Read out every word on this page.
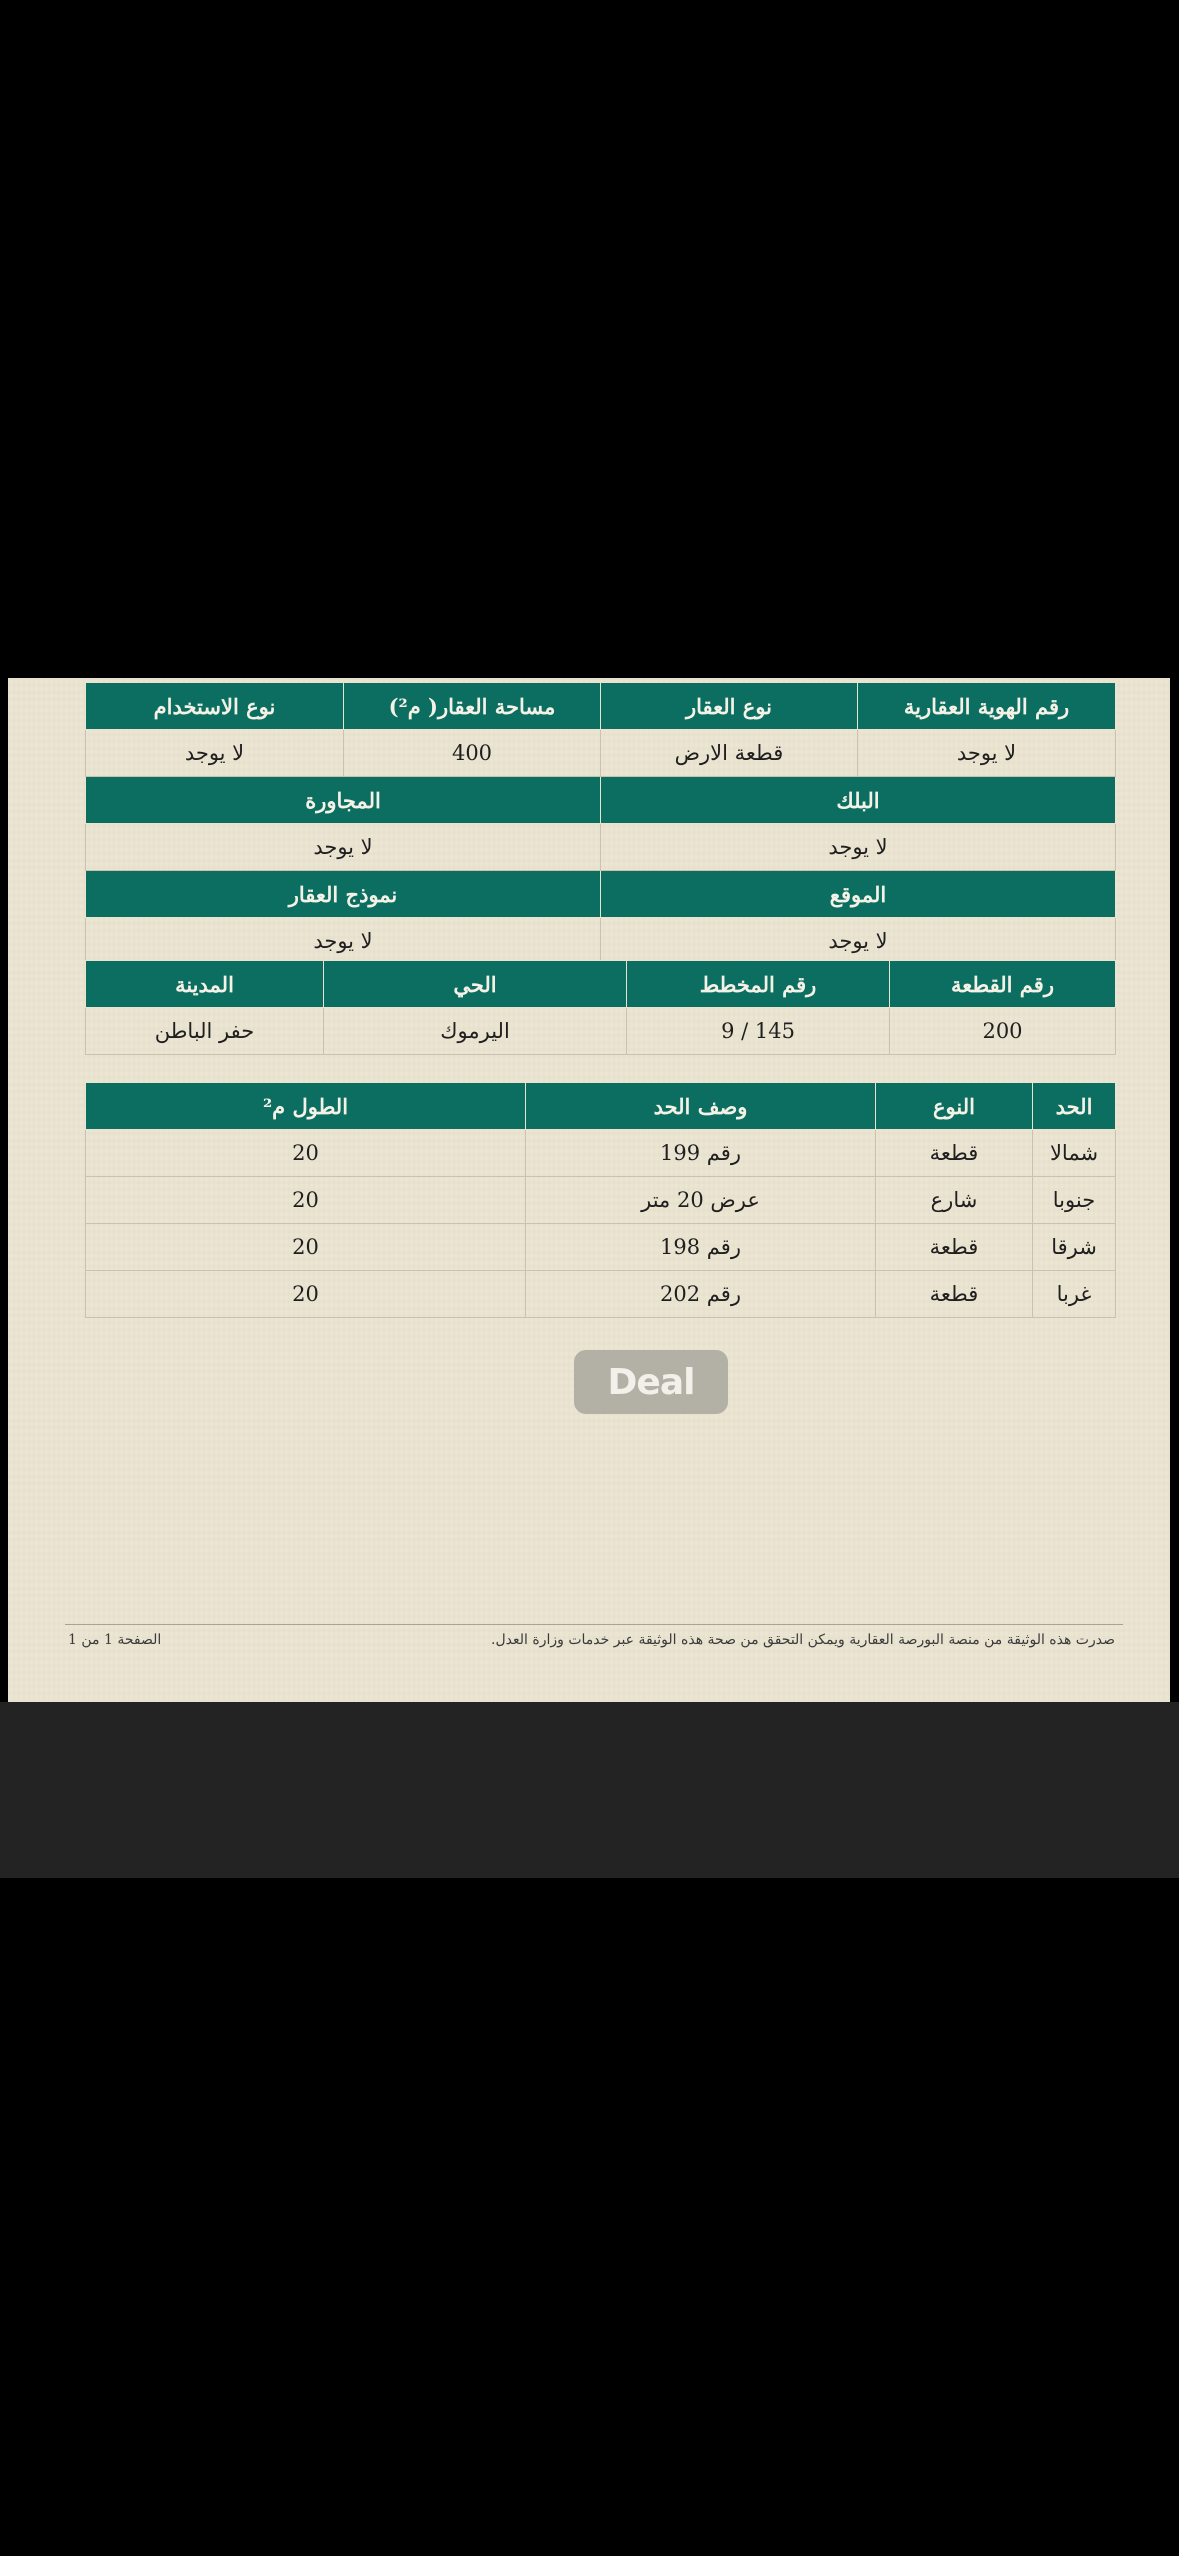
رقم الهوية العقارية	نوع العقار	مساحة العقار( م²)	نوع الاستخدام
لا يوجد	قطعة الارض	400	لا يوجد
البلك		المجاورة	
لا يوجد		لا يوجد	
الموقع		نموذج العقار	
لا يوجد		لا يوجد	
رقم القطعة	رقم المخطط	الحي	المدينة
200	9 / 145	اليرموك	حفر الباطن
الحد	النوع	وصف الحد	الطول م²
شمالا	قطعة	رقم 199	20
جنوبا	شارع	عرض 20 متر	20
شرقا	قطعة	رقم 198	20
غربا	قطعة	رقم 202	20
Deal
صدرت هذه الوثيقة من منصة البورصة العقارية ويمكن التحقق من صحة هذه الوثيقة عبر خدمات وزارة العدل.
الصفحة 1 من 1
